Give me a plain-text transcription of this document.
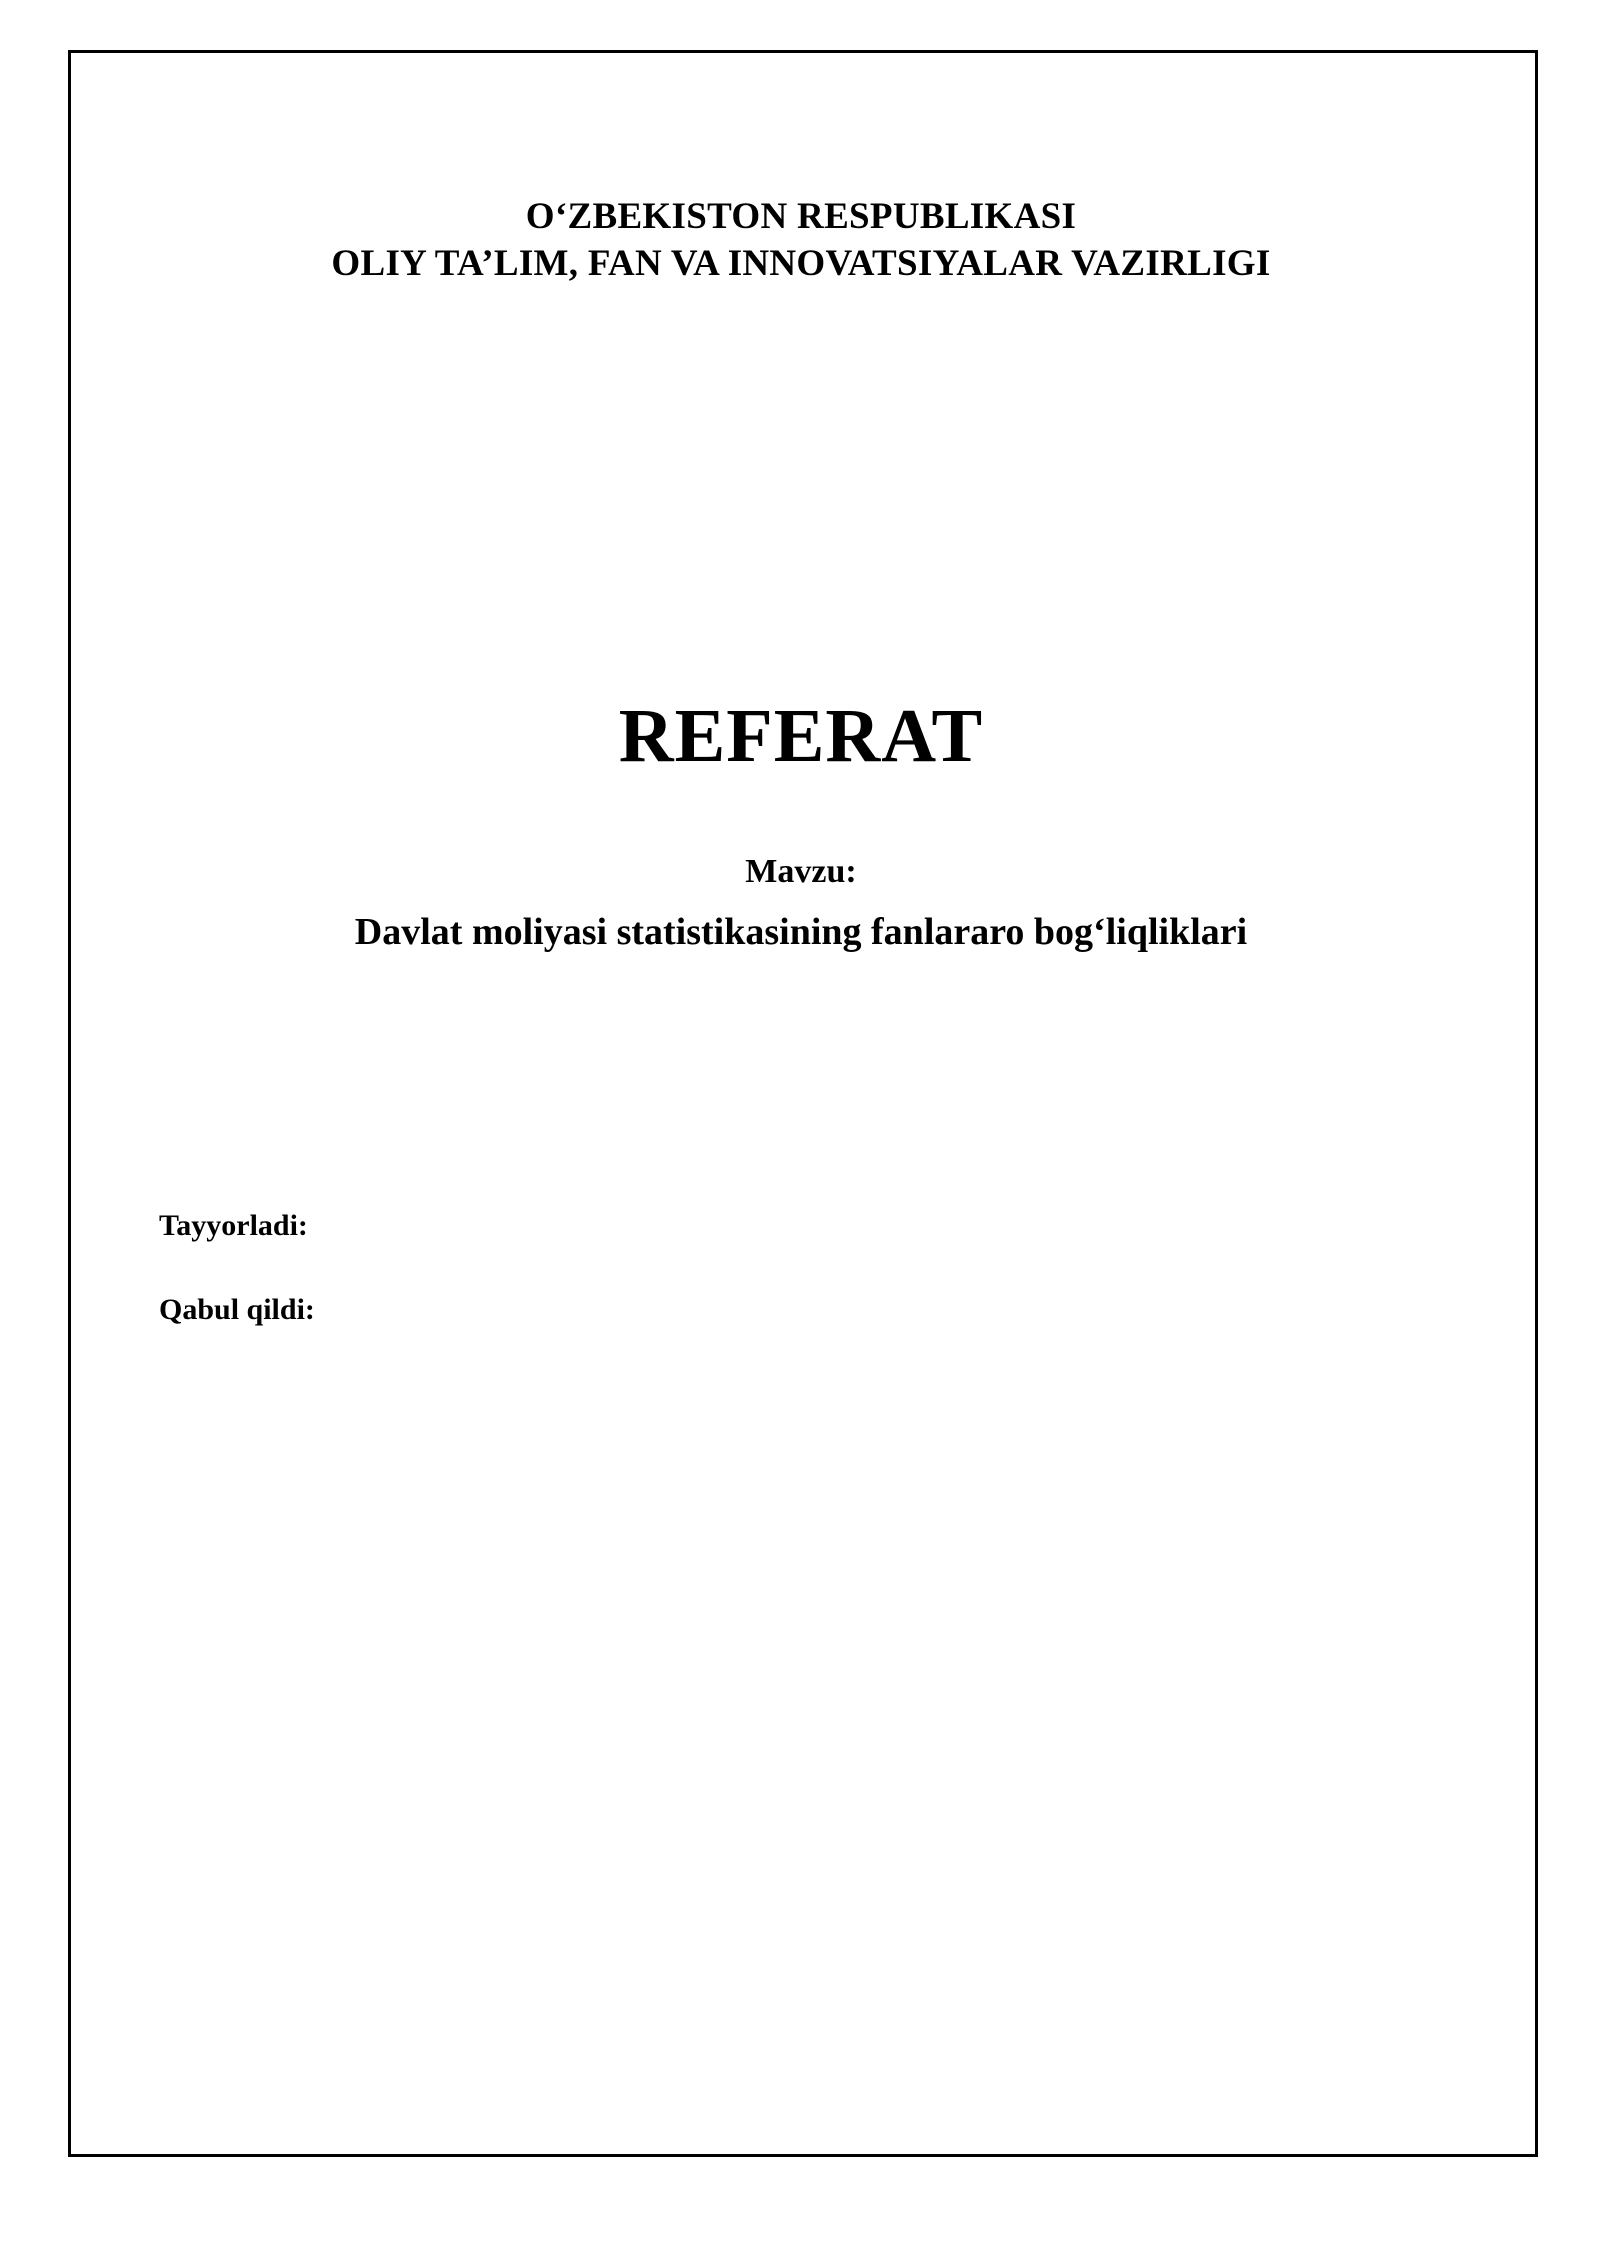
O‘ZBEKISTON RESPUBLIKASI
OLIY TA’LIM, FAN VA INNOVATSIYALAR VAZIRLIGI
REFERAT
Mavzu:
Davlat moliyasi statistikasining fanlararo bog‘liqliklari
Tayyorladi:
Qabul qildi:
